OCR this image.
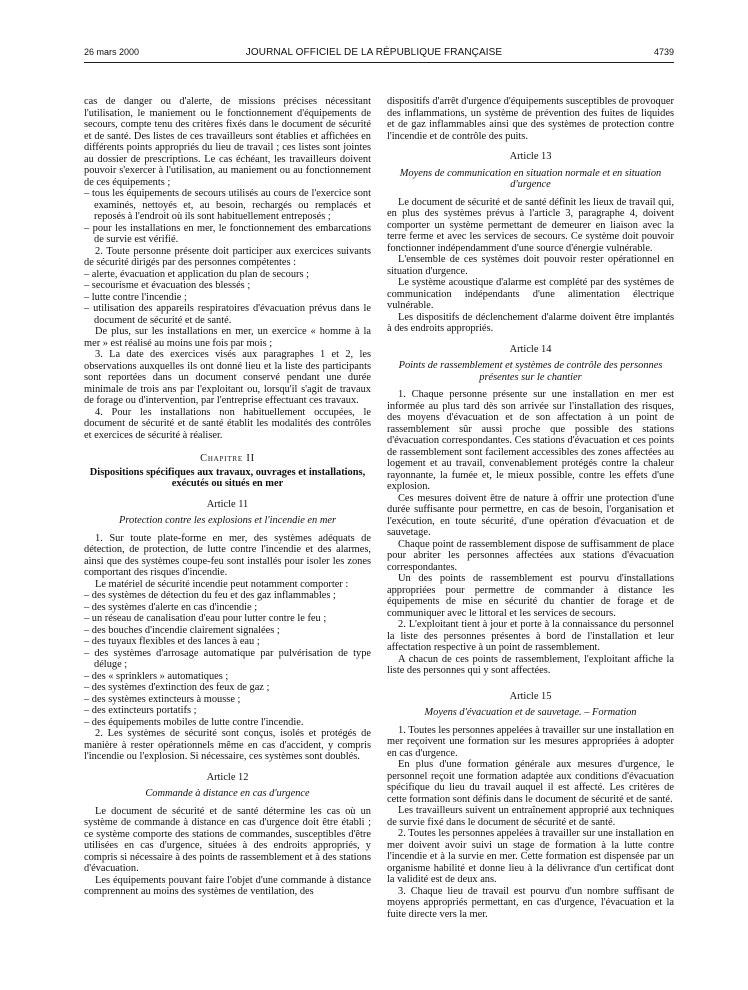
26 mars 2000	JOURNAL OFFICIEL DE LA RÉPUBLIQUE FRANÇAISE	4739

cas de danger ou d'alerte, de missions précises nécessitant l'utilisation, le maniement ou le fonctionnement d'équipements de secours, compte tenu des critères fixés dans le document de sécurité et de santé. Des listes de ces travailleurs sont établies et affichées en différents points appropriés du lieu de travail ; ces listes sont jointes au dossier de prescriptions. Le cas échéant, les travailleurs doivent pouvoir s'exercer à l'utilisation, au maniement ou au fonctionnement de ces équipements ;

– tous les équipements de secours utilisés au cours de l'exercice sont examinés, nettoyés et, au besoin, rechargés ou remplacés et reposés à l'endroit où ils sont habituellement entreposés ;

– pour les installations en mer, le fonctionnement des embarcations de survie est vérifié.

2. Toute personne présente doit participer aux exercices suivants de sécurité dirigés par des personnes compétentes :

– alerte, évacuation et application du plan de secours ;

– secourisme et évacuation des blessés ;

– lutte contre l'incendie ;

– utilisation des appareils respiratoires d'évacuation prévus dans le document de sécurité et de santé.

De plus, sur les installations en mer, un exercice « homme à la mer » est réalisé au moins une fois par mois ;

3. La date des exercices visés aux paragraphes 1 et 2, les observations auxquelles ils ont donné lieu et la liste des participants sont reportées dans un document conservé pendant une durée minimale de trois ans par l'exploitant ou, lorsqu'il s'agit de travaux de forage ou d'intervention, par l'entreprise effectuant ces travaux.

4. Pour les installations non habituellement occupées, le document de sécurité et de santé établit les modalités des contrôles et exercices de sécurité à réaliser.

Chapitre II
Dispositions spécifiques aux travaux, ouvrages et installations, exécutés ou situés en mer
Article 11
Protection contre les explosions et l'incendie en mer

1. Sur toute plate-forme en mer, des systèmes adéquats de détection, de protection, de lutte contre l'incendie et des alarmes, ainsi que des systèmes coupe-feu sont installés pour isoler les zones comportant des risques d'incendie.

Le matériel de sécurité incendie peut notamment comporter :

– des systèmes de détection du feu et des gaz inflammables ;

– des systèmes d'alerte en cas d'incendie ;

– un réseau de canalisation d'eau pour lutter contre le feu ;

– des bouches d'incendie clairement signalées ;

– des tuyaux flexibles et des lances à eau ;

– des systèmes d'arrosage automatique par pulvérisation de type déluge ;

– des « sprinklers » automatiques ;

– des systèmes d'extinction des feux de gaz ;

– des systèmes extincteurs à mousse ;

– des extincteurs portatifs ;

– des équipements mobiles de lutte contre l'incendie.

2. Les systèmes de sécurité sont conçus, isolés et protégés de manière à rester opérationnels même en cas d'accident, y compris l'incendie ou l'explosion. Si nécessaire, ces systèmes sont doublés.

Article 12
Commande à distance en cas d'urgence

Le document de sécurité et de santé détermine les cas où un système de commande à distance en cas d'urgence doit être établi ; ce système comporte des stations de commandes, susceptibles d'être utilisées en cas d'urgence, situées à des endroits appropriés, y compris si nécessaire à des points de rassemblement et à des stations d'évacuation.

Les équipements pouvant faire l'objet d'une commande à distance comprennent au moins des systèmes de ventilation, des

dispositifs d'arrêt d'urgence d'équipements susceptibles de provoquer des inflammations, un système de prévention des fuites de liquides et de gaz inflammables ainsi que des systèmes de protection contre l'incendie et de contrôle des puits.

Article 13
Moyens de communication en situation normale et en situation d'urgence

Le document de sécurité et de santé définit les lieux de travail qui, en plus des systèmes prévus à l'article 3, paragraphe 4, doivent comporter un système permettant de demeurer en liaison avec la terre ferme et avec les services de secours. Ce système doit pouvoir fonctionner indépendamment d'une source d'énergie vulnérable.

L'ensemble de ces systèmes doit pouvoir rester opérationnel en situation d'urgence.

Le système acoustique d'alarme est complété par des systèmes de communication indépendants d'une alimentation électrique vulnérable.

Les dispositifs de déclenchement d'alarme doivent être implantés à des endroits appropriés.

Article 14
Points de rassemblement et systèmes de contrôle des personnes présentes sur le chantier

1. Chaque personne présente sur une installation en mer est informée au plus tard dès son arrivée sur l'installation des risques, des moyens d'évacuation et de son affectation à un point de rassemblement sûr aussi proche que possible des stations d'évacuation correspondantes. Ces stations d'évacuation et ces points de rassemblement sont facilement accessibles des zones affectées au logement et au travail, convenablement protégés contre la chaleur rayonnante, la fumée et, le mieux possible, contre les effets d'une explosion.

Ces mesures doivent être de nature à offrir une protection d'une durée suffisante pour permettre, en cas de besoin, l'organisation et l'exécution, en toute sécurité, d'une opération d'évacuation et de sauvetage.

Chaque point de rassemblement dispose de suffisamment de place pour abriter les personnes affectées aux stations d'évacuation correspondantes.

Un des points de rassemblement est pourvu d'installations appropriées pour permettre de commander à distance les équipements de mise en sécurité du chantier de forage et de communiquer avec le littoral et les services de secours.

2. L'exploitant tient à jour et porte à la connaissance du personnel la liste des personnes présentes à bord de l'installation et leur affectation respective à un point de rassemblement.

A chacun de ces points de rassemblement, l'exploitant affiche la liste des personnes qui y sont affectées.

Article 15
Moyens d'évacuation et de sauvetage. – Formation

1. Toutes les personnes appelées à travailler sur une installation en mer reçoivent une formation sur les mesures appropriées à adopter en cas d'urgence.

En plus d'une formation générale aux mesures d'urgence, le personnel reçoit une formation adaptée aux conditions d'évacuation spécifique du lieu du travail auquel il est affecté. Les critères de cette formation sont définis dans le document de sécurité et de santé.

Les travailleurs suivent un entraînement approprié aux techniques de survie fixé dans le document de sécurité et de santé.

2. Toutes les personnes appelées à travailler sur une installation en mer doivent avoir suivi un stage de formation à la lutte contre l'incendie et à la survie en mer. Cette formation est dispensée par un organisme habilité et donne lieu à la délivrance d'un certificat dont la validité est de deux ans.

3. Chaque lieu de travail est pourvu d'un nombre suffisant de moyens appropriés permettant, en cas d'urgence, l'évacuation et la fuite directe vers la mer.
